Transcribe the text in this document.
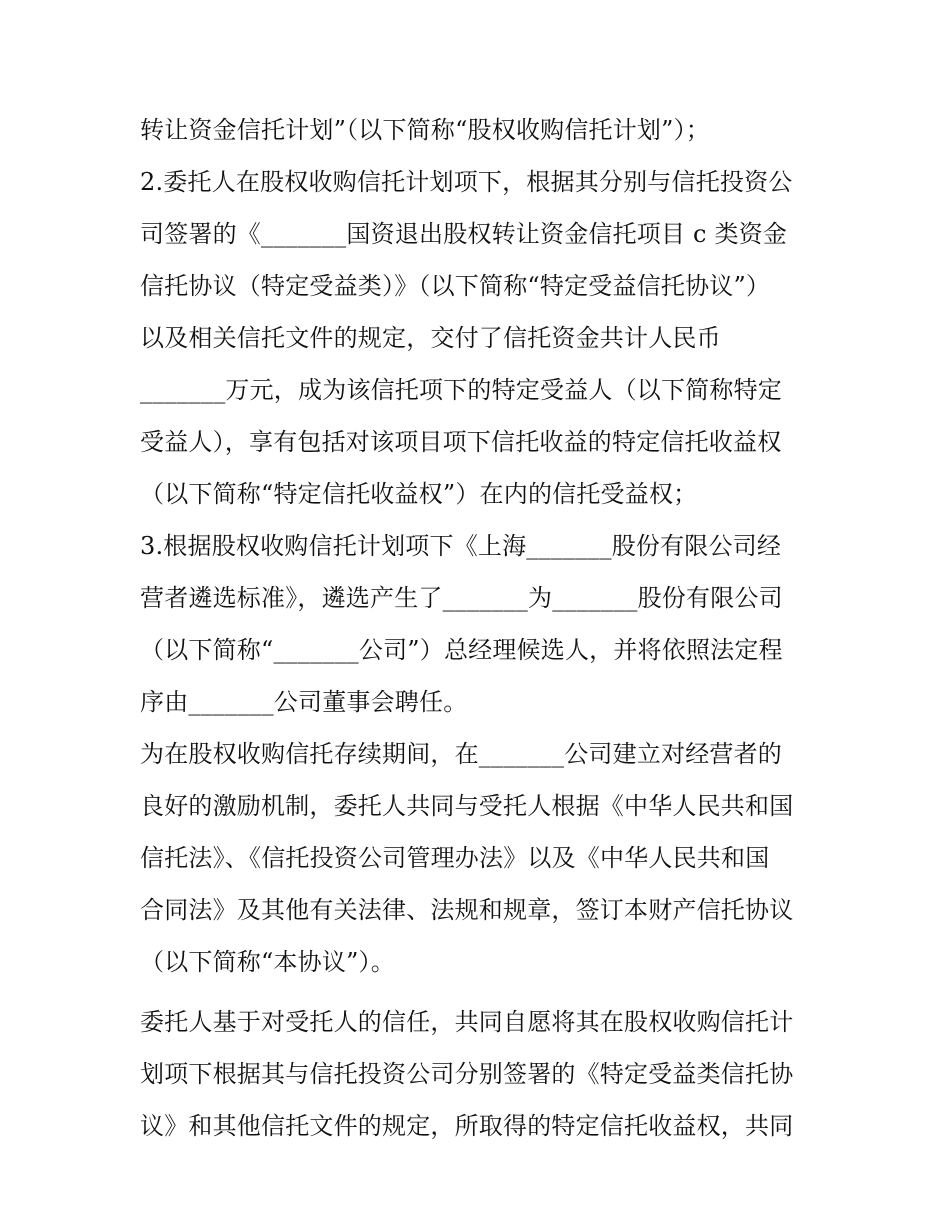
转让资金信托计划”（以下简称“股权收购信托计划”）；
2.委托人在股权收购信托计划项下，根据其分别与信托投资公
司签署的《_______国资退出股权转让资金信托项目 c 类资金
信托协议（特定受益类）》（以下简称“特定受益信托协议”）
以及相关信托文件的规定，交付了信托资金共计人民币
_______万元，成为该信托项下的特定受益人（以下简称特定
受益人），享有包括对该项目项下信托收益的特定信托收益权
（以下简称“特定信托收益权”）在内的信托受益权；
3.根据股权收购信托计划项下《上海_______股份有限公司经
营者遴选标准》，遴选产生了_______为_______股份有限公司
（以下简称“_______公司”）总经理候选人，并将依照法定程
序由_______公司董事会聘任。
为在股权收购信托存续期间，在_______公司建立对经营者的
良好的激励机制，委托人共同与受托人根据《中华人民共和国
信托法》、《信托投资公司管理办法》以及《中华人民共和国
合同法》及其他有关法律、法规和规章，签订本财产信托协议
（以下简称“本协议”）。
委托人基于对受托人的信任，共同自愿将其在股权收购信托计
划项下根据其与信托投资公司分别签署的《特定受益类信托协
议》和其他信托文件的规定，所取得的特定信托收益权，共同
